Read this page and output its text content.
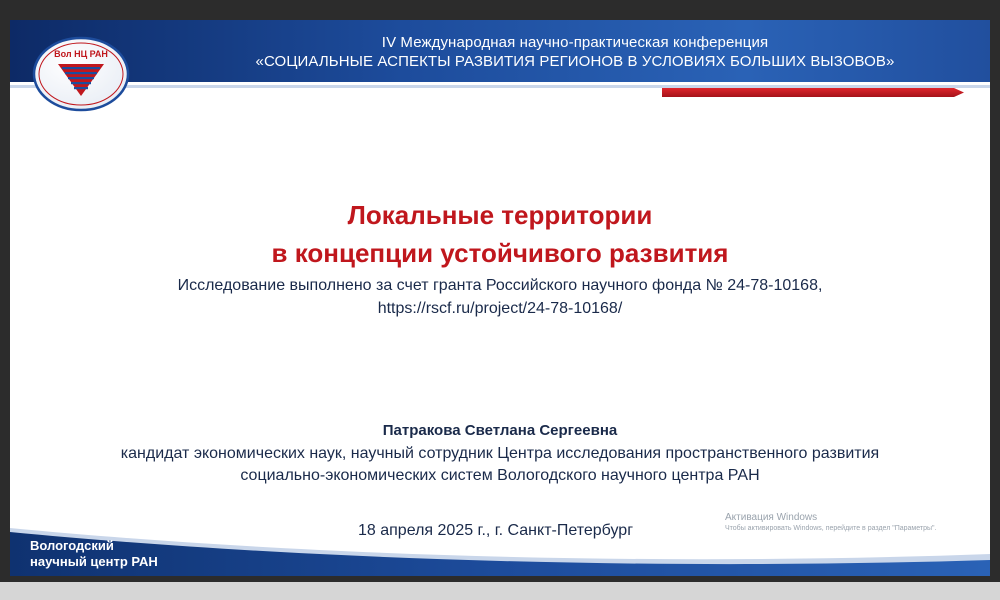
IV Международная научно-практическая конференция
«СОЦИАЛЬНЫЕ АСПЕКТЫ РАЗВИТИЯ РЕГИОНОВ В УСЛОВИЯХ БОЛЬШИХ ВЫЗОВОВ»
Вол НЦ РАН
Локальные территории
в концепции устойчивого развития
Исследование выполнено за счет гранта Российского научного фонда № 24-78-10168,
https://rscf.ru/project/24-78-10168/
Патракова Светлана Сергеевна
кандидат экономических наук, научный сотрудник Центра исследования пространственного развития
социально-экономических систем Вологодского научного центра РАН
Вологодский
научный центр РАН
18 апреля 2025 г., г. Санкт-Петербург
Активация Windows
Чтобы активировать Windows, перейдите в раздел "Параметры".
